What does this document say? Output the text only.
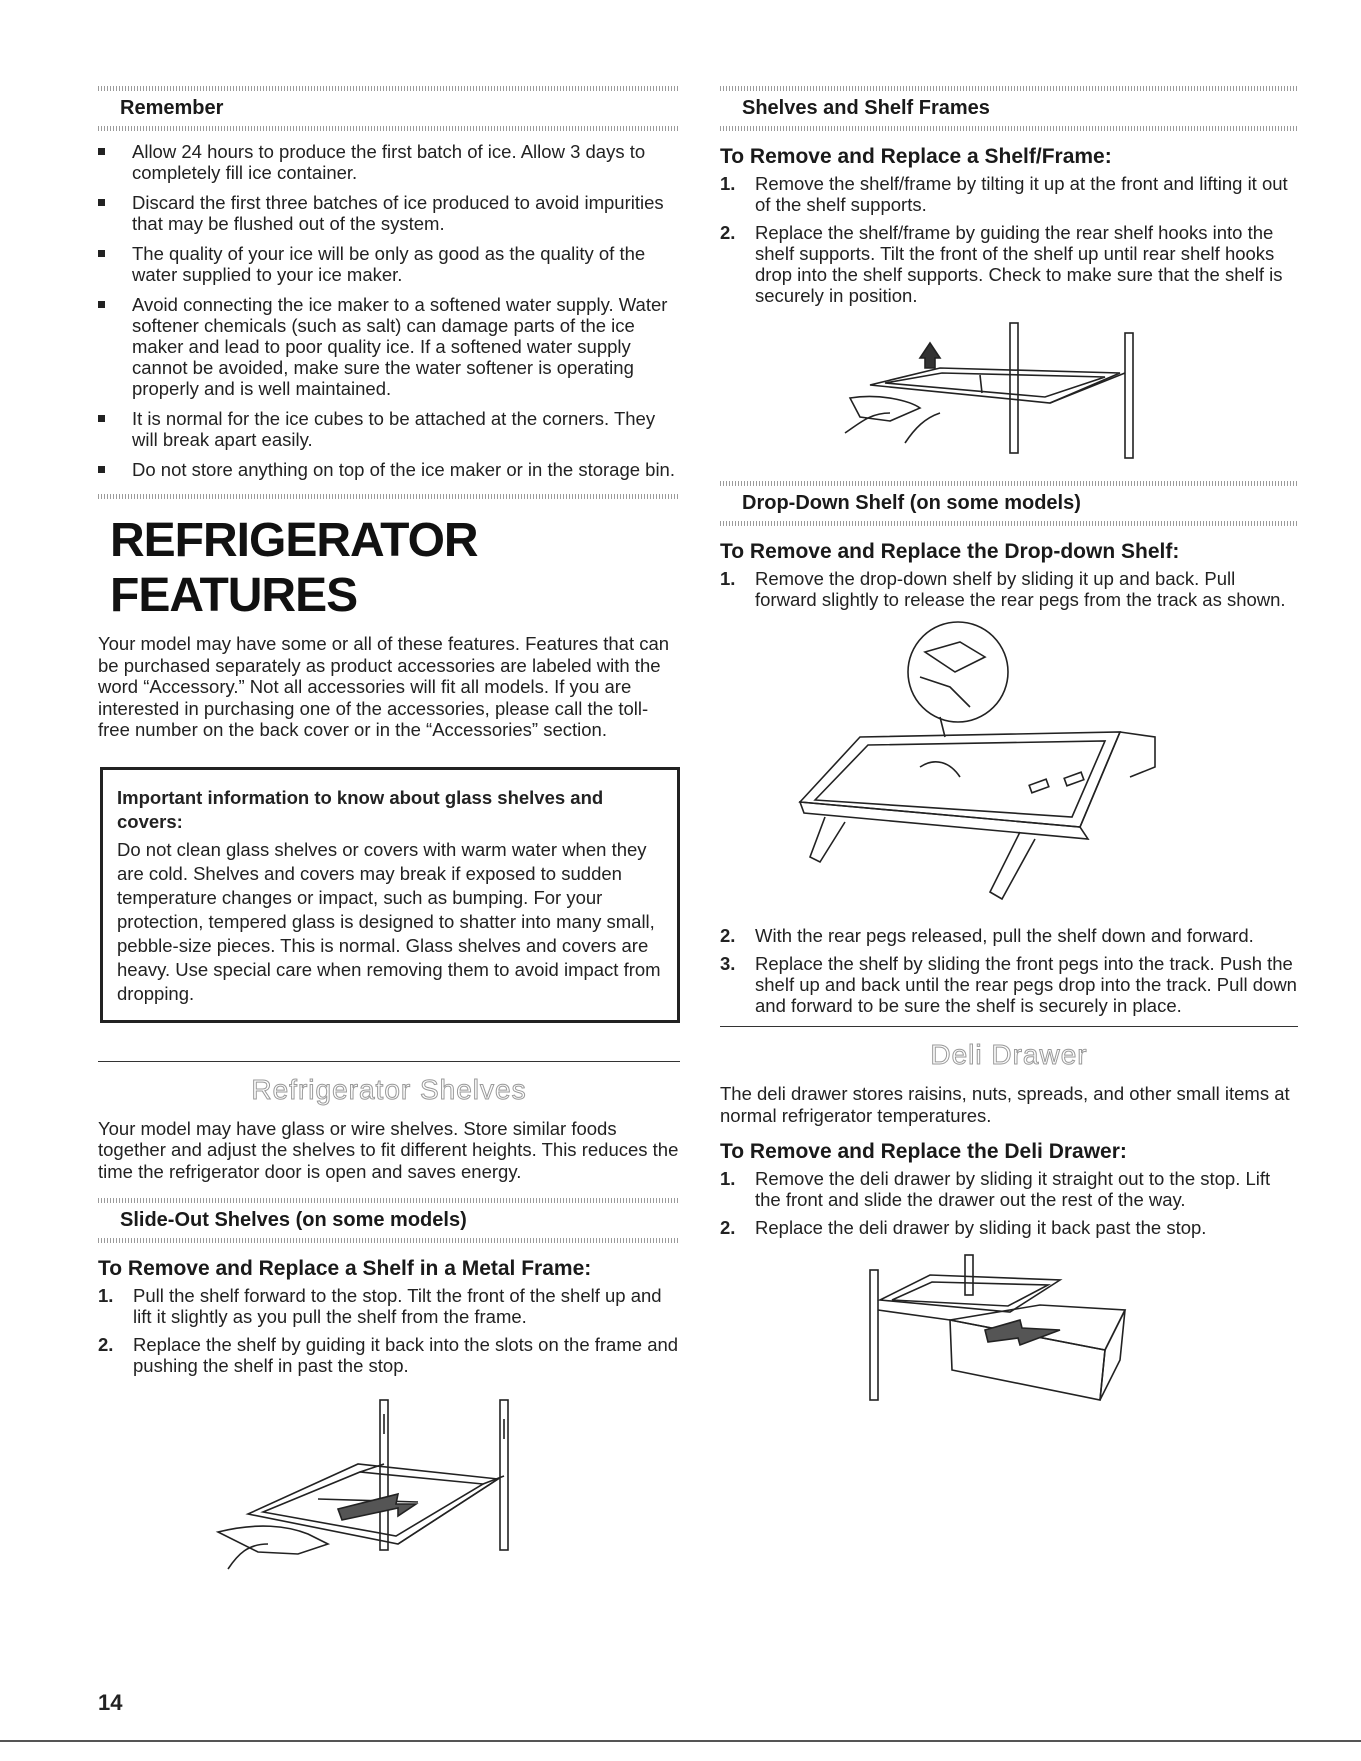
Remember
Allow 24 hours to produce the first batch of ice. Allow 3 days to completely fill ice container.
Discard the first three batches of ice produced to avoid impurities that may be flushed out of the system.
The quality of your ice will be only as good as the quality of the water supplied to your ice maker.
Avoid connecting the ice maker to a softened water supply. Water softener chemicals (such as salt) can damage parts of the ice maker and lead to poor quality ice. If a softened water supply cannot be avoided, make sure the water softener is operating properly and is well maintained.
It is normal for the ice cubes to be attached at the corners. They will break apart easily.
Do not store anything on top of the ice maker or in the storage bin.
REFRIGERATOR FEATURES

Your model may have some or all of these features. Features that can be purchased separately as product accessories are labeled with the word “Accessory.” Not all accessories will fit all models. If you are interested in purchasing one of the accessories, please call the toll-free number on the back cover or in the “Accessories” section.

Important information to know about glass shelves and covers:

Do not clean glass shelves or covers with warm water when they are cold. Shelves and covers may break if exposed to sudden temperature changes or impact, such as bumping. For your protection, tempered glass is designed to shatter into many small, pebble-size pieces. This is normal. Glass shelves and covers are heavy. Use special care when removing them to avoid impact from dropping.

Refrigerator Shelves

Your model may have glass or wire shelves. Store similar foods together and adjust the shelves to fit different heights. This reduces the time the refrigerator door is open and saves energy.

Slide-Out Shelves (on some models)
To Remove and Replace a Shelf in a Metal Frame:
1. Pull the shelf forward to the stop. Tilt the front of the shelf up and lift it slightly as you pull the shelf from the frame.
2. Replace the shelf by guiding it back into the slots on the frame and pushing the shelf in past the stop.
Shelves and Shelf Frames
To Remove and Replace a Shelf/Frame:
1. Remove the shelf/frame by tilting it up at the front and lifting it out of the shelf supports.
2. Replace the shelf/frame by guiding the rear shelf hooks into the shelf supports. Tilt the front of the shelf up until rear shelf hooks drop into the shelf supports. Check to make sure that the shelf is securely in position.
Drop-Down Shelf (on some models)
To Remove and Replace the Drop-down Shelf:
1. Remove the drop-down shelf by sliding it up and back. Pull forward slightly to release the rear pegs from the track as shown.
2. With the rear pegs released, pull the shelf down and forward.
3. Replace the shelf by sliding the front pegs into the track. Push the shelf up and back until the rear pegs drop into the track. Pull down and forward to be sure the shelf is securely in place.
Deli Drawer

The deli drawer stores raisins, nuts, spreads, and other small items at normal refrigerator temperatures.

To Remove and Replace the Deli Drawer:
1. Remove the deli drawer by sliding it straight out to the stop. Lift the front and slide the drawer out the rest of the way.
2. Replace the deli drawer by sliding it back past the stop.
14
